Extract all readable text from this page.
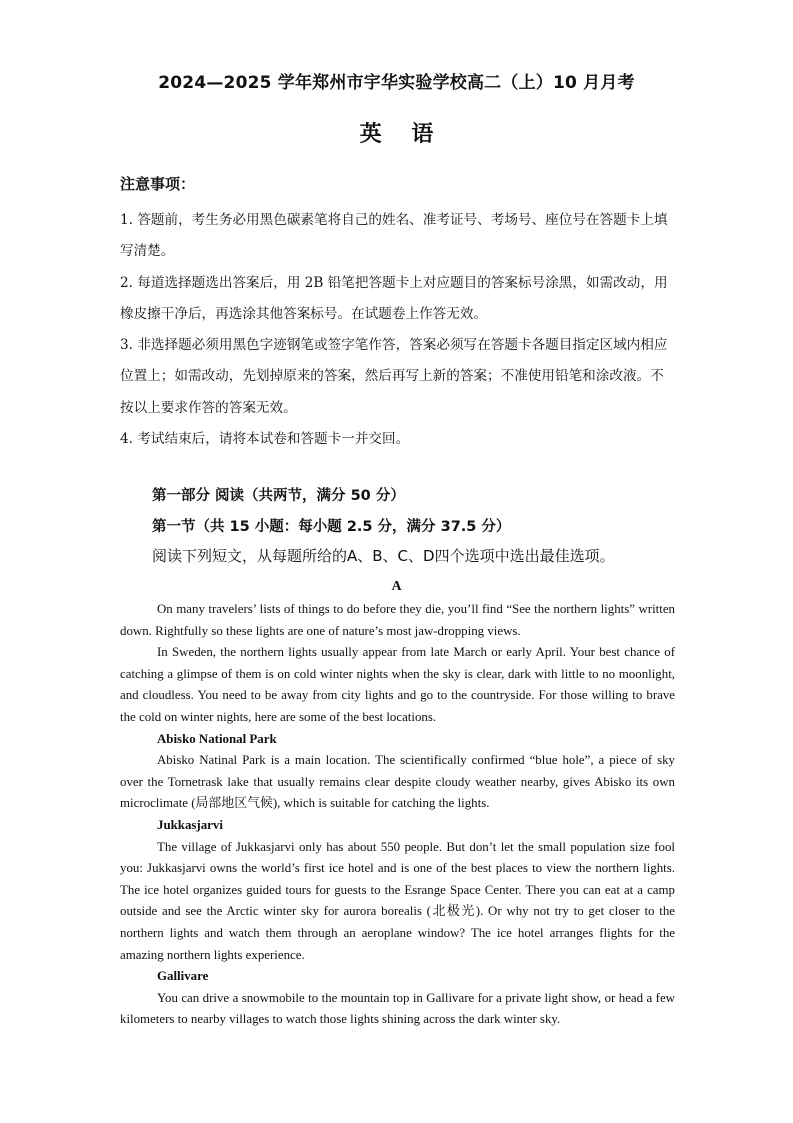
2024—2025 学年郑州市宇华实验学校高二（上）10 月月考
英 语
注意事项：

1. 答题前，考生务必用黑色碳素笔将自己的姓名、准考证号、考场号、座位号在答题卡上填写清楚。

2. 每道选择题选出答案后，用 2B 铅笔把答题卡上对应题目的答案标号涂黑，如需改动，用橡皮擦干净后，再选涂其他答案标号。在试题卷上作答无效。

3. 非选择题必须用黑色字迹钢笔或签字笔作答，答案必须写在答题卡各题目指定区域内相应位置上；如需改动，先划掉原来的答案，然后再写上新的答案；不准使用铅笔和涂改液。不按以上要求作答的答案无效。

4. 考试结束后，请将本试卷和答题卡一并交回。

第一部分 阅读（共两节，满分 50 分）
第一节（共 15 小题：每小题 2.5 分，满分 37.5 分）
阅读下列短文，从每题所给的A、B、C、D四个选项中选出最佳选项。
A

On many travelers’ lists of things to do before they die, you’ll find “See the northern lights” written down. Rightfully so these lights are one of nature’s most jaw-dropping views.

In Sweden, the northern lights usually appear from late March or early April. Your best chance of catching a glimpse of them is on cold winter nights when the sky is clear, dark with little to no moonlight, and cloudless. You need to be away from city lights and go to the countryside. For those willing to brave the cold on winter nights, here are some of the best locations.

Abisko National Park

Abisko Natinal Park is a main location. The scientifically confirmed “blue hole”, a piece of sky over the Tornetrask lake that usually remains clear despite cloudy weather nearby, gives Abisko its own microclimate (局部地区气候), which is suitable for catching the lights.

Jukkasjarvi

The village of Jukkasjarvi only has about 550 people. But don’t let the small population size fool you: Jukkasjarvi owns the world’s first ice hotel and is one of the best places to view the northern lights. The ice hotel organizes guided tours for guests to the Esrange Space Center. There you can eat at a camp outside and see the Arctic winter sky for aurora borealis (北极光). Or why not try to get closer to the northern lights and watch them through an aeroplane window? The ice hotel arranges flights for the amazing northern lights experience.

Gallivare

You can drive a snowmobile to the mountain top in Gallivare for a private light show, or head a few kilometers to nearby villages to watch those lights shining across the dark winter sky.
